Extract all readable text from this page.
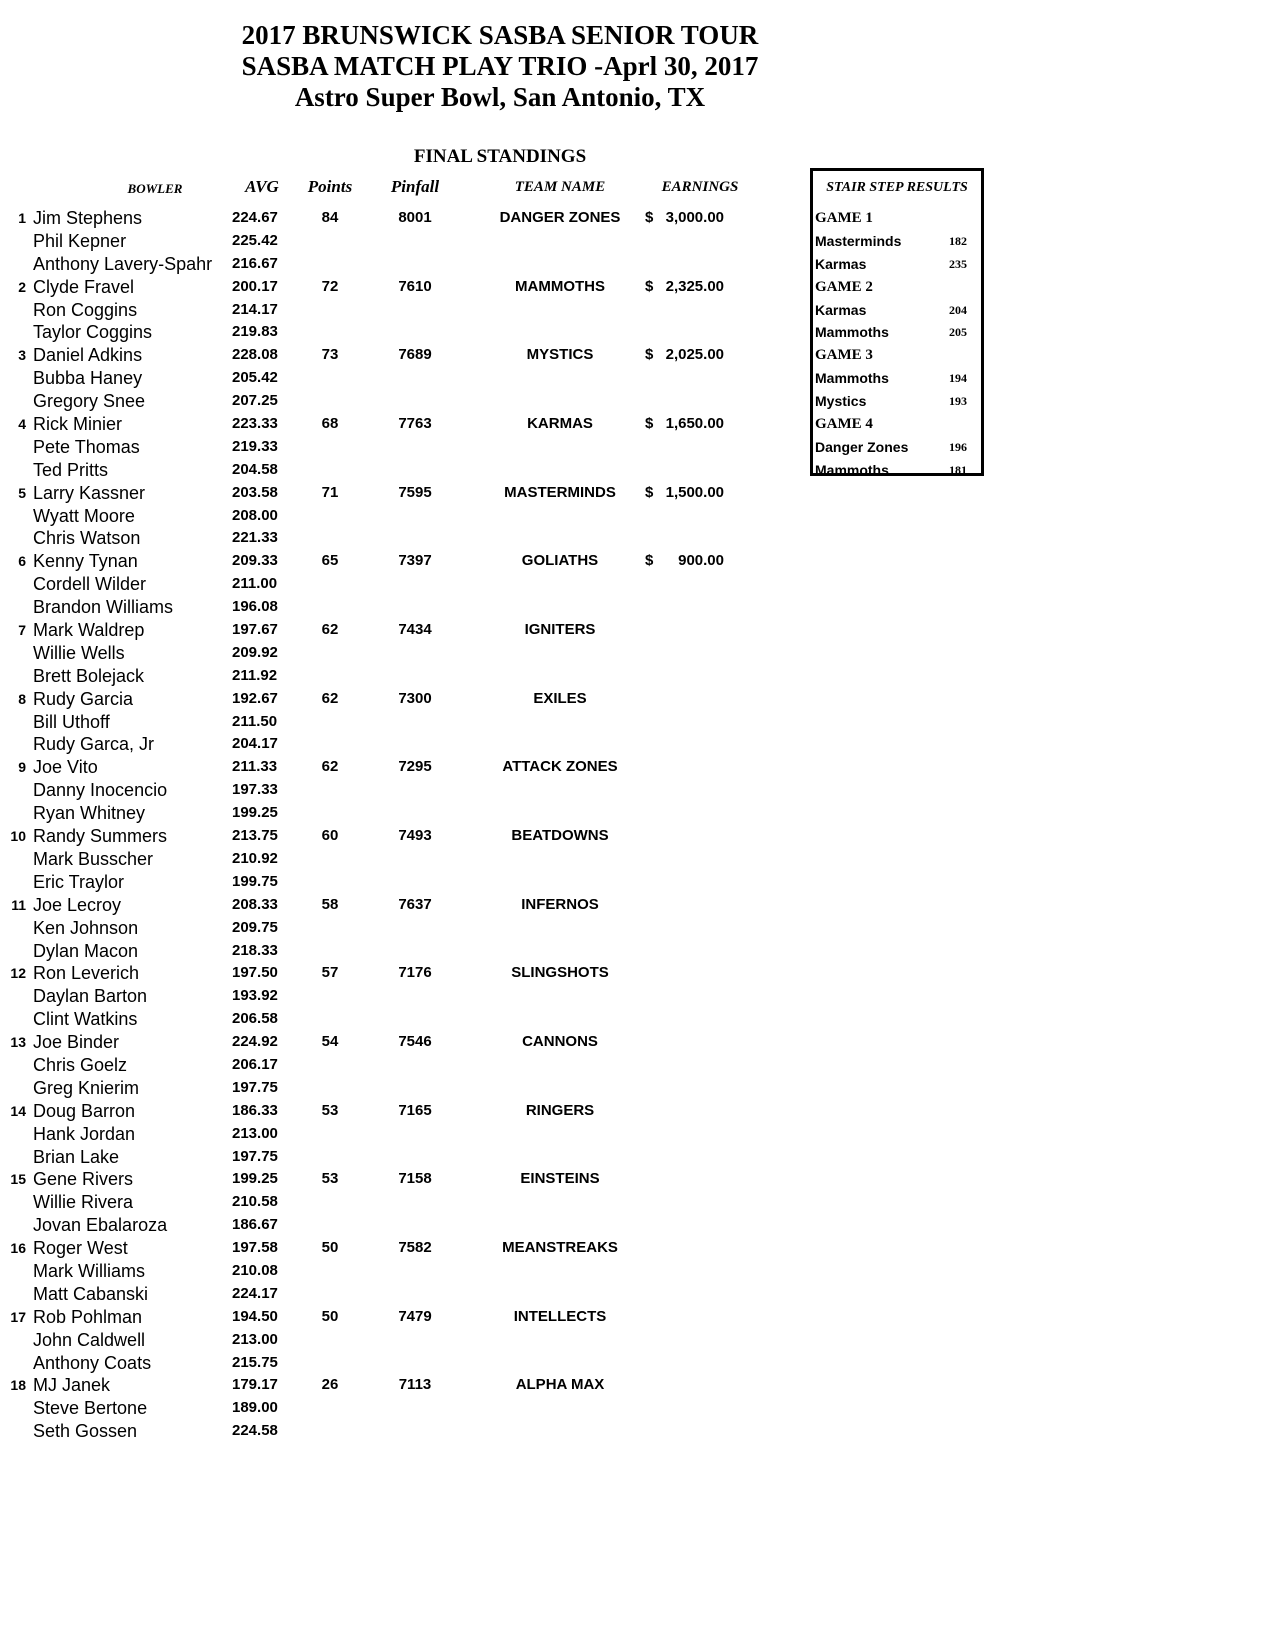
2017 BRUNSWICK SASBA SENIOR TOUR
SASBA MATCH PLAY TRIO -Aprl 30, 2017
Astro Super Bowl, San Antonio, TX
FINAL STANDINGS
BOWLER	AVG	Points	Pinfall	TEAM NAME	EARNINGS
1 Jim Stephens	224.67	84	8001	DANGER ZONES	$ 3,000.00
Phil Kepner	225.42
Anthony Lavery-Spahr 216.67
2 Clyde Fravel	200.17	72	7610	MAMMOTHS	$ 2,325.00
Ron Coggins	214.17
Taylor Coggins	219.83
3 Daniel Adkins	228.08	73	7689	MYSTICS	$ 2,025.00
Bubba Haney	205.42
Gregory Snee	207.25
4 Rick Minier	223.33	68	7763	KARMAS	$ 1,650.00
Pete Thomas	219.33
Ted Pritts	204.58
5 Larry Kassner	203.58	71	7595	MASTERMINDS	$ 1,500.00
Wyatt Moore	208.00
Chris Watson	221.33
6 Kenny Tynan	209.33	65	7397	GOLIATHS	$	900.00
Cordell Wilder	211.00
Brandon Williams	196.08
7 Mark Waldrep	197.67	62	7434	IGNITERS
Willie Wells	209.92
Brett Bolejack	211.92
8 Rudy Garcia	192.67	62	7300	EXILES
Bill Uthoff	211.50
Rudy Garca, Jr	204.17
9 Joe Vito	211.33	62	7295	ATTACK ZONES
Danny Inocencio	197.33
Ryan Whitney	199.25
10 Randy Summers	213.75	60	7493	BEATDOWNS
Mark Busscher	210.92
Eric Traylor	199.75
11 Joe Lecroy	208.33	58	7637	INFERNOS
Ken Johnson	209.75
Dylan Macon	218.33
12 Ron Leverich	197.50	57	7176	SLINGSHOTS
Daylan Barton	193.92
Clint Watkins	206.58
13 Joe Binder	224.92	54	7546	CANNONS
Chris Goelz	206.17
Greg Knierim	197.75
14 Doug Barron	186.33	53	7165	RINGERS
Hank Jordan	213.00
Brian Lake	197.75
15 Gene Rivers	199.25	53	7158	EINSTEINS
Willie Rivera	210.58
Jovan Ebalaroza	186.67
16 Roger West	197.58	50	7582	MEANSTREAKS
Mark Williams	210.08
Matt Cabanski	224.17
17 Rob Pohlman	194.50	50	7479	INTELLECTS
John Caldwell	213.00
Anthony Coats	215.75
18 MJ Janek	179.17	26	7113	ALPHA MAX
Steve Bertone	189.00
Seth Gossen	224.58
STAIR STEP RESULTS
GAME 1
Masterminds	182
Karmas	235
GAME 2
Karmas	204
Mammoths	205
GAME 3
Mammoths	194
Mystics	193
GAME 4
Danger Zones	196
Mammoths	181
